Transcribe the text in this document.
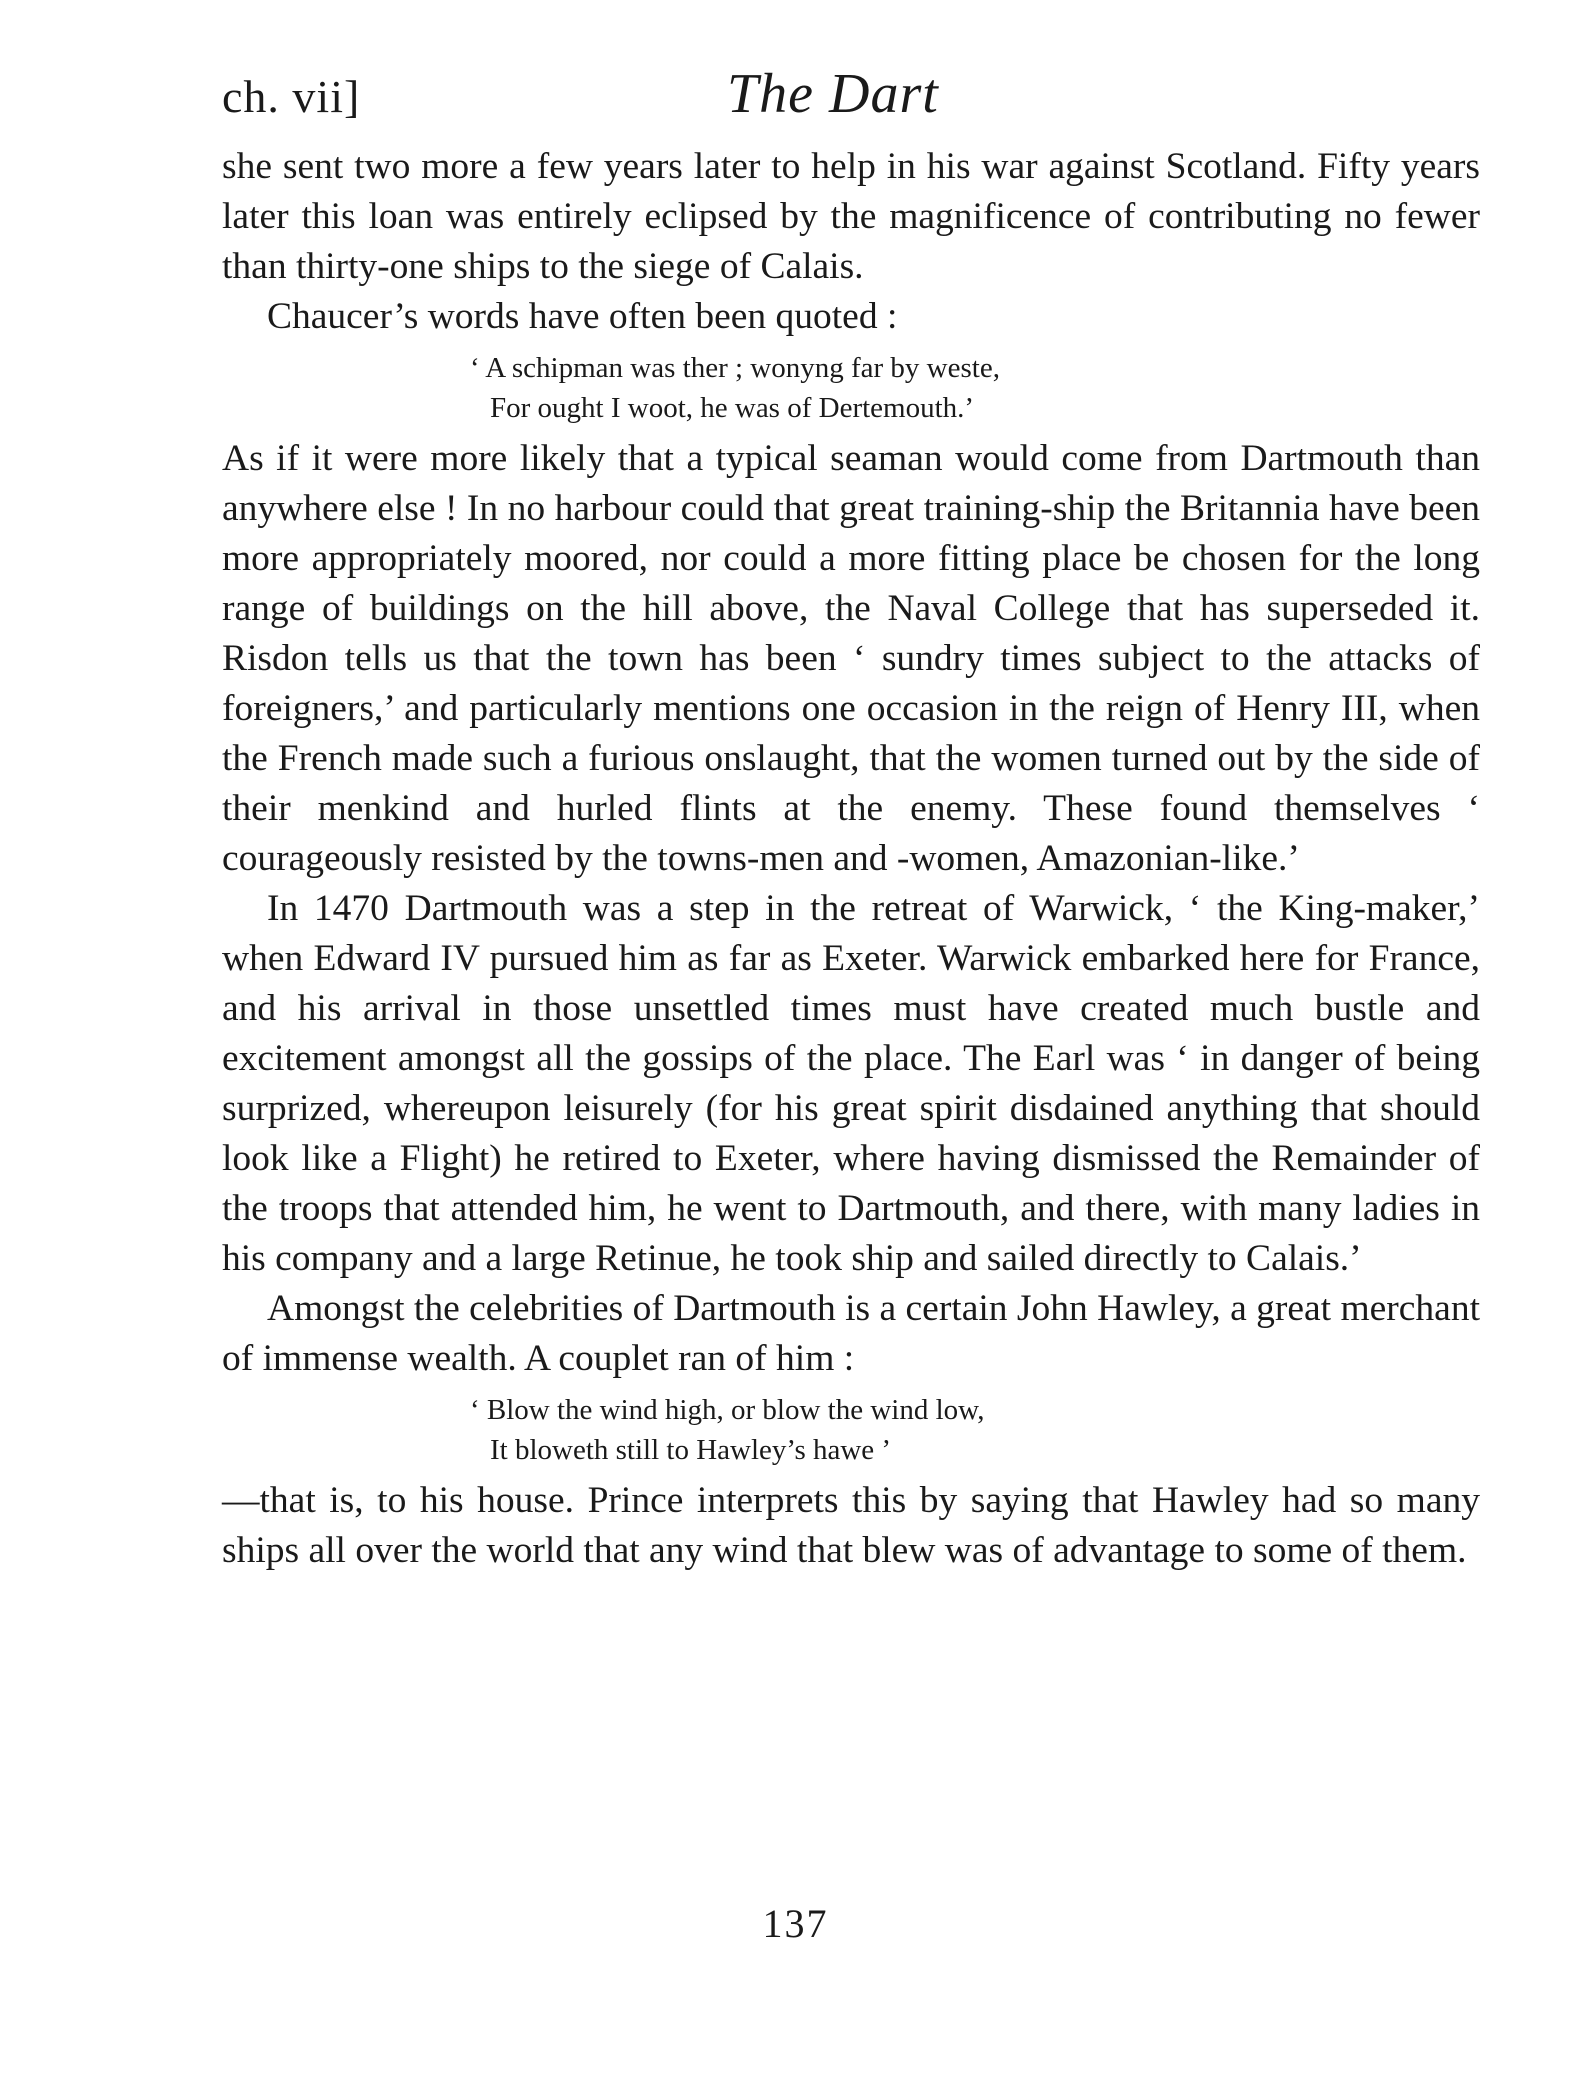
ch. vii]	The Dart

she sent two more a few years later to help in his war against Scotland. Fifty years later this loan was entirely eclipsed by the magnificence of contributing no fewer than thirty-one ships to the siege of Calais.

Chaucer’s words have often been quoted :

‘ A schipman was ther ; wonyng far by weste,
For ought I woot, he was of Dertemouth.’

As if it were more likely that a typical seaman would come from Dartmouth than anywhere else ! In no harbour could that great training-ship the Britannia have been more appropriately moored, nor could a more fitting place be chosen for the long range of buildings on the hill above, the Naval College that has superseded it. Risdon tells us that the town has been ‘ sundry times subject to the attacks of foreigners,’ and particularly mentions one occasion in the reign of Henry III, when the French made such a furious onslaught, that the women turned out by the side of their menkind and hurled flints at the enemy. These found themselves ‘ courageously resisted by the towns-men and -women, Amazonian-like.’

In 1470 Dartmouth was a step in the retreat of Warwick, ‘ the King-maker,’ when Edward IV pursued him as far as Exeter. Warwick embarked here for France, and his arrival in those unsettled times must have created much bustle and excitement amongst all the gossips of the place. The Earl was ‘ in danger of being surprized, whereupon leisurely (for his great spirit disdained anything that should look like a Flight) he retired to Exeter, where having dismissed the Remainder of the troops that attended him, he went to Dartmouth, and there, with many ladies in his company and a large Retinue, he took ship and sailed directly to Calais.’

Amongst the celebrities of Dartmouth is a certain John Hawley, a great merchant of immense wealth. A couplet ran of him :

‘ Blow the wind high, or blow the wind low,
It bloweth still to Hawley’s hawe ’

—that is, to his house. Prince interprets this by saying that Hawley had so many ships all over the world that any wind that blew was of advantage to some of them.

137
